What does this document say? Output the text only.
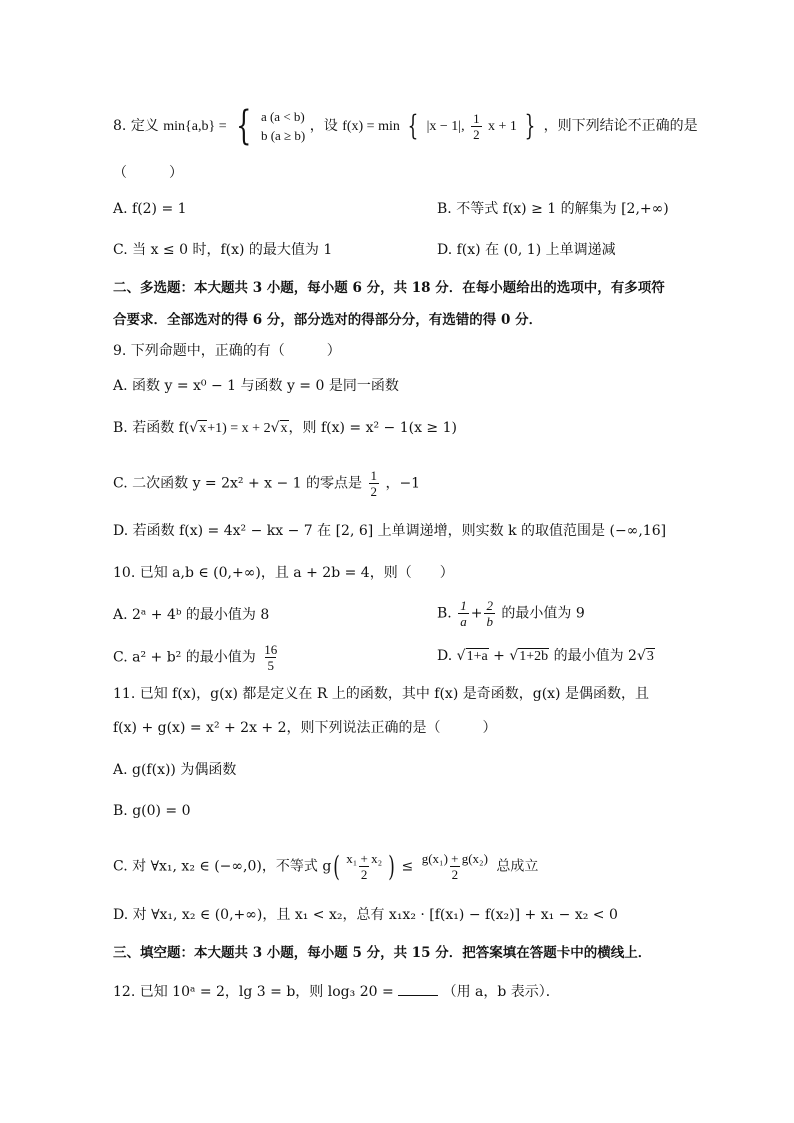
8. 定义 min{a,b} = { a (a < b)
b (a ≥ b)
，设 f(x) = min { |x − 1|, $\frac{1}{2}$ x + 1 } ，则下列结论不正确的是
（　　　）
A. f(2) = 1	B. 不等式 f(x) ≥ 1 的解集为 [2,+∞)
C. 当 x ≤ 0 时，f(x) 的最大值为 1	D. f(x) 在 (0, 1) 上单调递减
二、多选题：本大题共 3 小题，每小题 6 分，共 18 分．在每小题给出的选项中，有多项符
合要求．全部选对的得 6 分，部分选对的得部分分，有选错的得 0 分．
9. 下列命题中，正确的有（　　　）
A. 函数 y = x⁰ − 1 与函数 y = 0 是同一函数
B. 若函数 f(√x+1) = x + 2√x，则 f(x) = x² − 1(x ≥ 1)
C. 二次函数 y = 2x² + x − 1 的零点是 $\frac{1}{2}$ ，−1
D. 若函数 f(x) = 4x² − kx − 7 在 [2, 6] 上单调递增，则实数 k 的取值范围是 (−∞,16]
10. 已知 a,b ∈ (0,+∞)，且 a + 2b = 4，则（　　）
A. 2ᵃ + 4ᵇ 的最小值为 8	B. $\frac{1}{a} + \frac{2}{b}$ 的最小值为 9
C. a² + b² 的最小值为 $\frac{16}{5}$	D. √1+a + √1+2b 的最小值为 2√3
11. 已知 f(x)，g(x) 都是定义在 R 上的函数，其中 f(x) 是奇函数，g(x) 是偶函数，且
f(x) + g(x) = x² + 2x + 2，则下列说法正确的是（　　　）
A. g(f(x)) 为偶函数
B. g(0) = 0
C. 对 ∀x₁, x₂ ∈ (−∞,0)，不等式 $g( \frac{\text{x₁ + x₂}}{2}$ ) ≤ $\frac{\text{g(x₁) + g(x₂)}}{2}$ 总成立
D. 对 ∀x₁, x₂ ∈ (0,+∞)，且 x₁ < x₂，总有 x₁x₂ · [f(x₁) − f(x₂)] + x₁ − x₂ < 0
三、填空题：本大题共 3 小题，每小题 5 分，共 15 分．把答案填在答题卡中的横线上．
12. 已知 10ᵃ = 2，lg 3 = b，则 log₃ 20 =	（用 a，b 表示）．
